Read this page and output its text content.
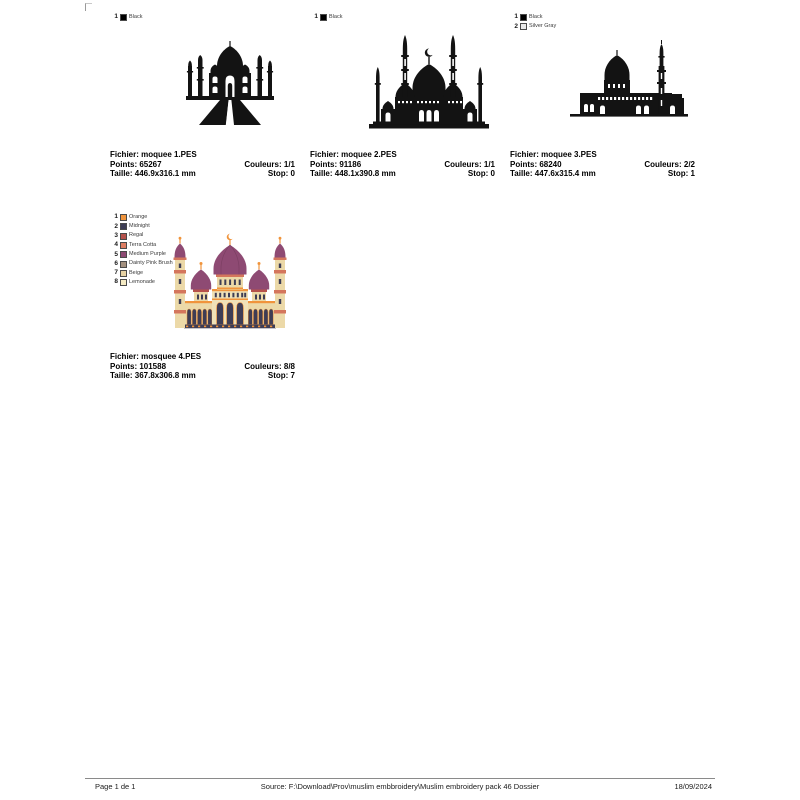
1 Black
Fichier: moquee 1.PES
Points: 65267
Taille: 446.9x316.1 mm
Couleurs: 1/1
Stop: 0
1 Black
Fichier: moquee 2.PES
Points: 91186
Taille: 448.1x390.8 mm
Couleurs: 1/1
Stop: 0
1 Black
2 Silver Gray
Fichier: moquee 3.PES
Points: 68240
Taille: 447.6x315.4 mm
Couleurs: 2/2
Stop: 1
1 Orange
2 Midnight
3 Regal
4 Terra Cotta
5 Medium Purple
6 Dainty Pink Brush
7 Beige
8 Lemonade
Fichier: mosquee 4.PES
Points: 101588
Taille: 367.8x306.8 mm
Couleurs: 8/8
Stop: 7
Page 1 de 1	Source: F:\Download\Prov\muslim embbroidery\Muslim embroidery pack 46 Dossier	18/09/2024
